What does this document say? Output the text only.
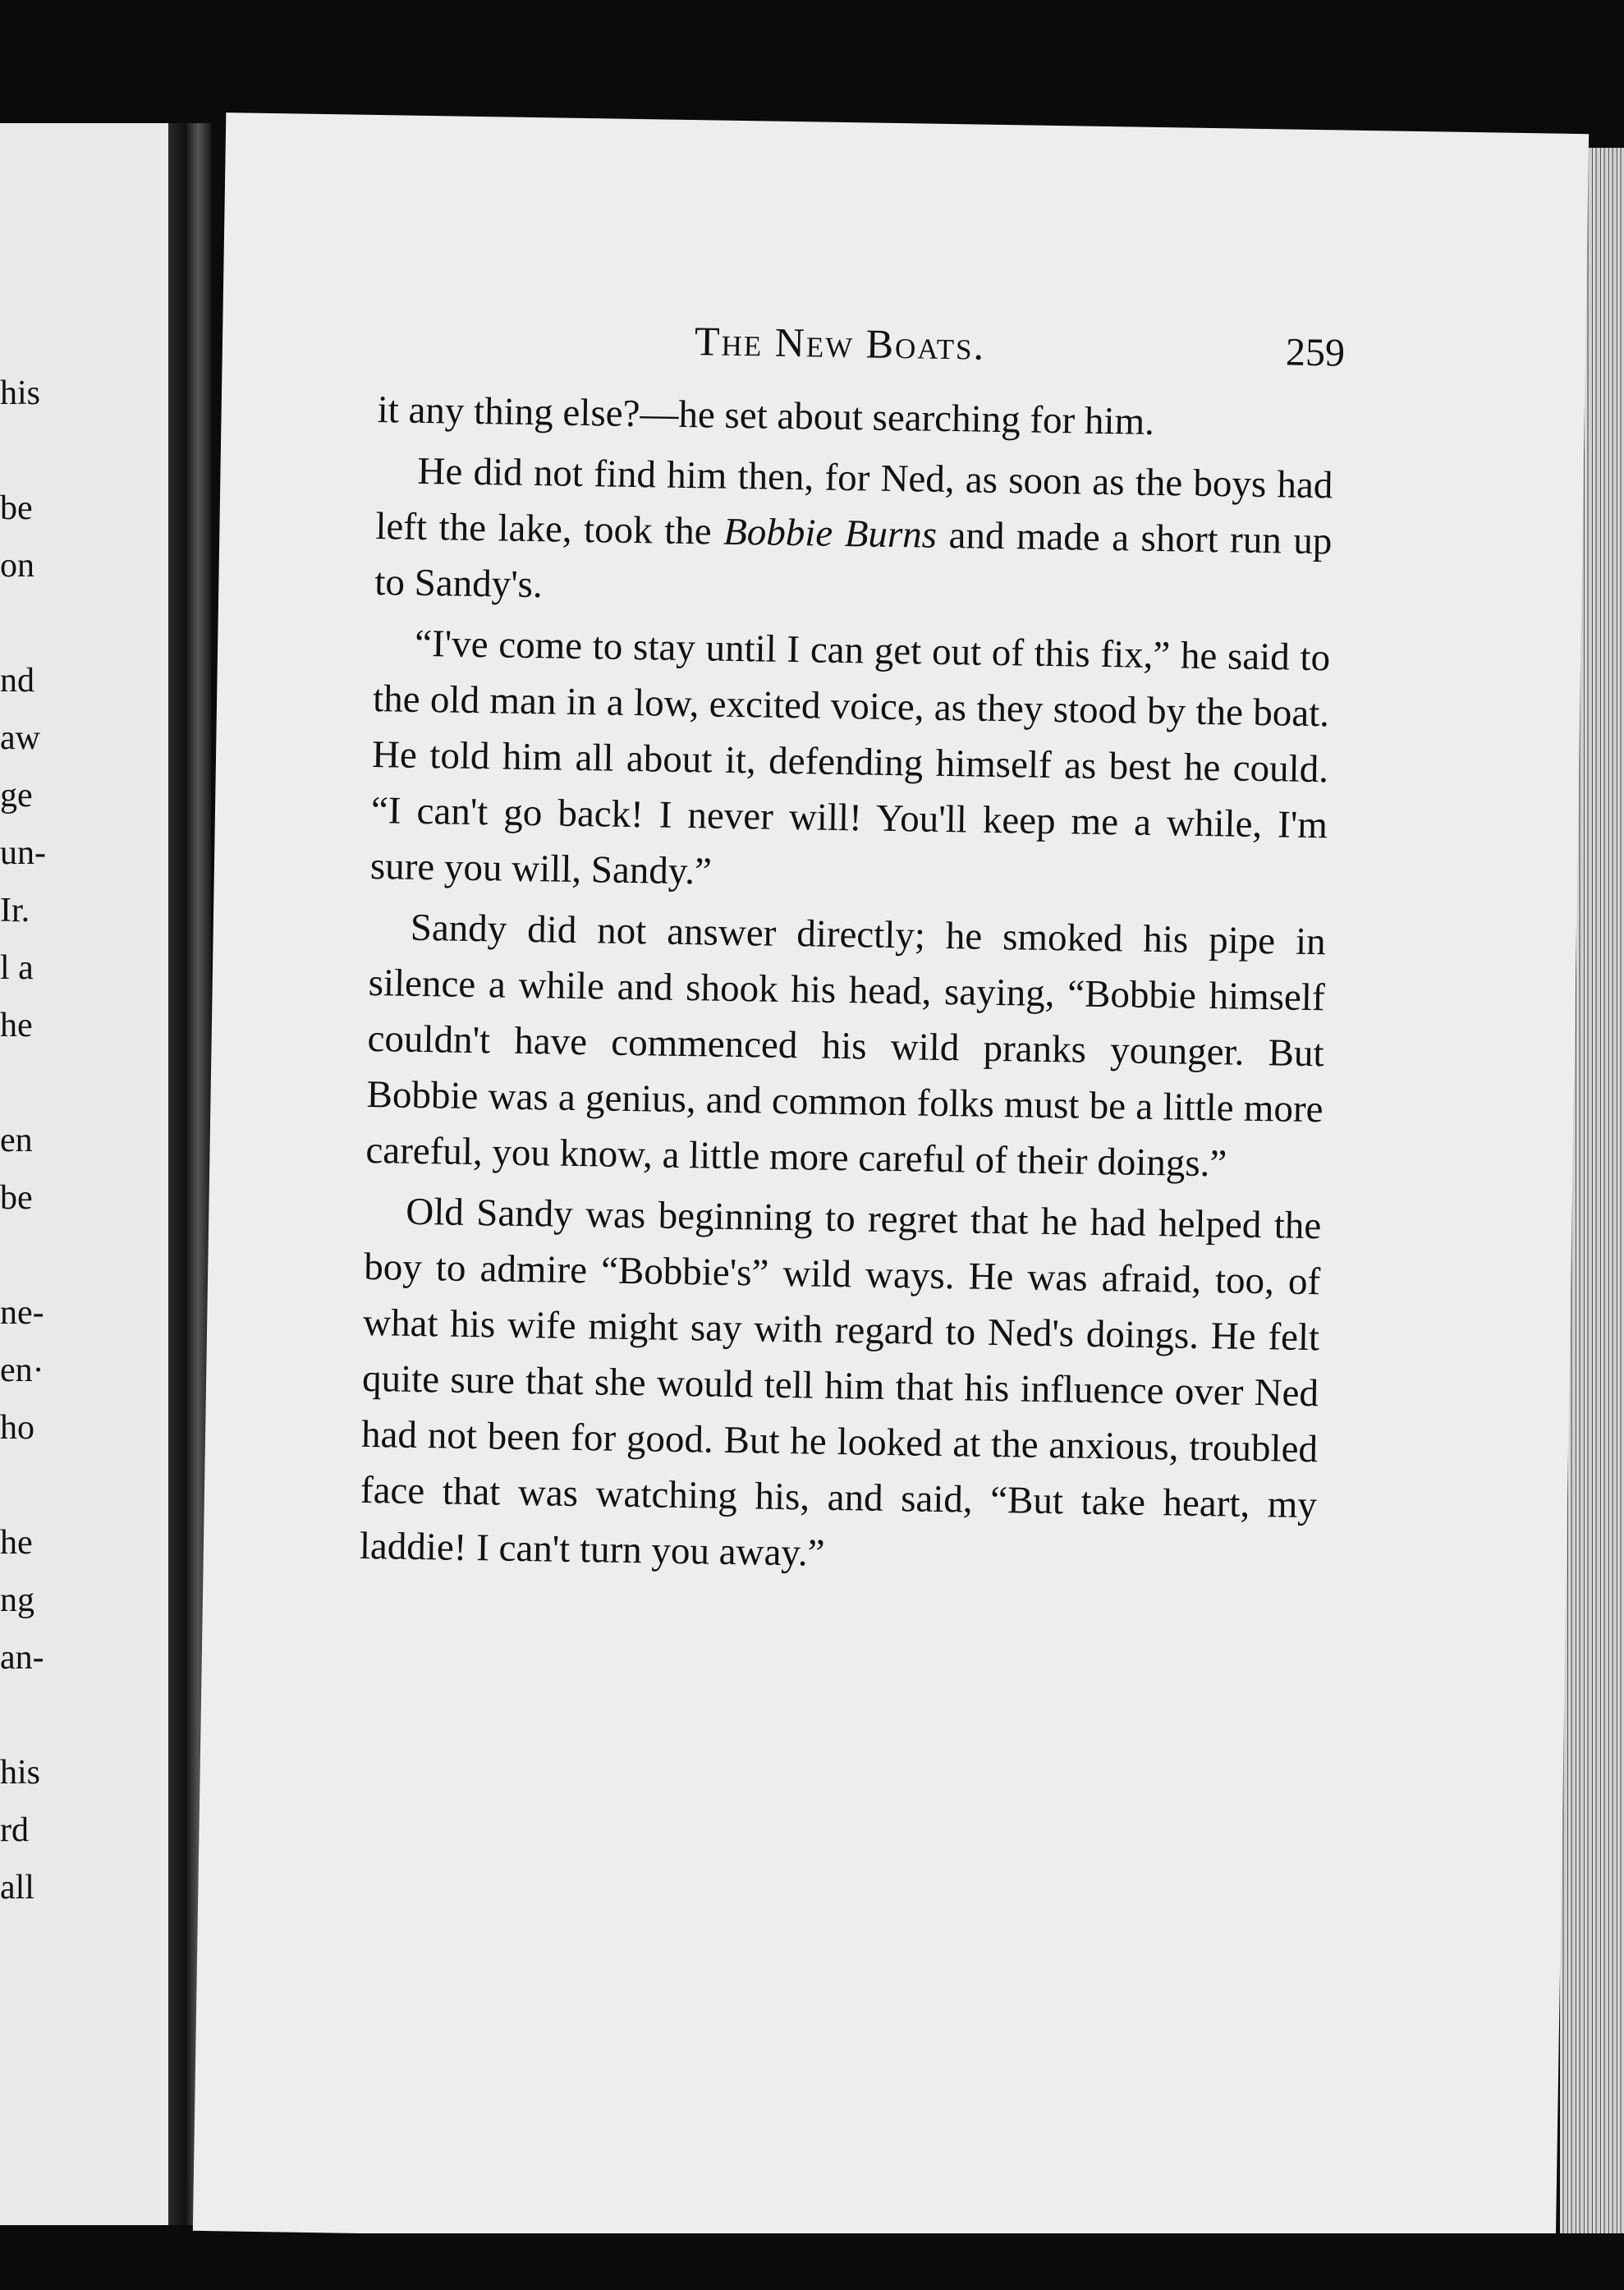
his
be
on
nd
aw
ge
un-
Ir.
l a
he
en
be
ne-
en·
ho
he
ng
an-
his
rd
all
The New Boats.	259

it any thing else?—he set about searching for him.

He did not find him then, for Ned, as soon as the boys had left the lake, took the Bobbie Burns and made a short run up to Sandy's.

“I've come to stay until I can get out of this fix,” he said to the old man in a low, excited voice, as they stood by the boat. He told him all about it, defending himself as best he could. “I can't go back! I never will! You'll keep me a while, I'm sure you will, Sandy.”

Sandy did not answer directly; he smoked his pipe in silence a while and shook his head, saying, “Bobbie himself couldn't have commenced his wild pranks younger. But Bobbie was a genius, and common folks must be a little more careful, you know, a little more careful of their doings.”

Old Sandy was beginning to regret that he had helped the boy to admire “Bobbie's” wild ways. He was afraid, too, of what his wife might say with regard to Ned's doings. He felt quite sure that she would tell him that his influence over Ned had not been for good. But he looked at the anxious, troubled face that was watching his, and said, “But take heart, my laddie! I can't turn you away.”
